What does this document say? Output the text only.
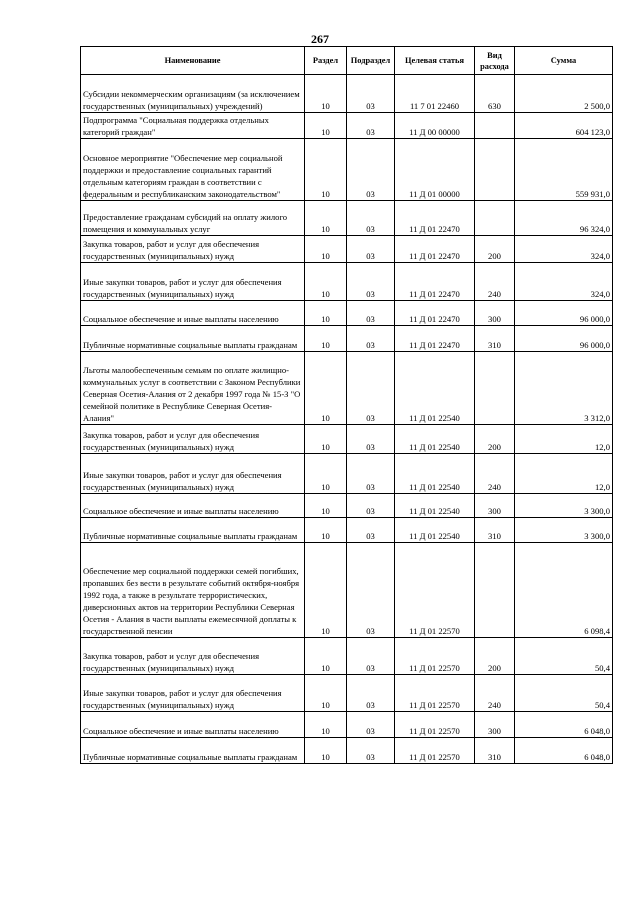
267
Наименование	Раздел	Подраздел	Целевая статья	Вид расхода	Сумма
Субсидии некоммерческим организациям (за исключением государственных (муниципальных) учреждений)	10	03	11 7 01 22460	630	2 500,0
Подпрограмма "Социальная поддержка отдельных категорий граждан"	10	03	11 Д 00 00000		604 123,0
Основное мероприятие "Обеспечение мер социальной поддержки и предоставление социальных гарантий отдельным категориям граждан в соответствии с федеральным и республиканским законодательством"	10	03	11 Д 01 00000		559 931,0
Предоставление гражданам субсидий на оплату жилого помещения и коммунальных услуг	10	03	11 Д 01 22470		96 324,0
Закупка товаров, работ и услуг для обеспечения государственных (муниципальных) нужд	10	03	11 Д 01 22470	200	324,0
Иные закупки товаров, работ и услуг для обеспечения государственных (муниципальных) нужд	10	03	11 Д 01 22470	240	324,0
Социальное обеспечение и иные выплаты населению	10	03	11 Д 01 22470	300	96 000,0
Публичные нормативные социальные выплаты гражданам	10	03	11 Д 01 22470	310	96 000,0
Льготы малообеспеченным семьям по оплате жилищно-коммунальных услуг в соответствии с Законом Республики Северная Осетия-Алания от 2 декабря 1997 года № 15-З "О семейной политике в Республике Северная Осетия-Алания"	10	03	11 Д 01 22540		3 312,0
Закупка товаров, работ и услуг для обеспечения государственных (муниципальных) нужд	10	03	11 Д 01 22540	200	12,0
Иные закупки товаров, работ и услуг для обеспечения государственных (муниципальных) нужд	10	03	11 Д 01 22540	240	12,0
Социальное обеспечение и иные выплаты населению	10	03	11 Д 01 22540	300	3 300,0
Публичные нормативные социальные выплаты гражданам	10	03	11 Д 01 22540	310	3 300,0
Обеспечение мер социальной поддержки семей погибших, пропавших без вести в результате событий октября-ноября 1992 года, а также в результате террористических, диверсионных актов на территории Республики Северная Осетия - Алания в части выплаты ежемесячной доплаты к государственной пенсии	10	03	11 Д 01 22570		6 098,4
Закупка товаров, работ и услуг для обеспечения государственных (муниципальных) нужд	10	03	11 Д 01 22570	200	50,4
Иные закупки товаров, работ и услуг для обеспечения государственных (муниципальных) нужд	10	03	11 Д 01 22570	240	50,4
Социальное обеспечение и иные выплаты населению	10	03	11 Д 01 22570	300	6 048,0
Публичные нормативные социальные выплаты гражданам	10	03	11 Д 01 22570	310	6 048,0
